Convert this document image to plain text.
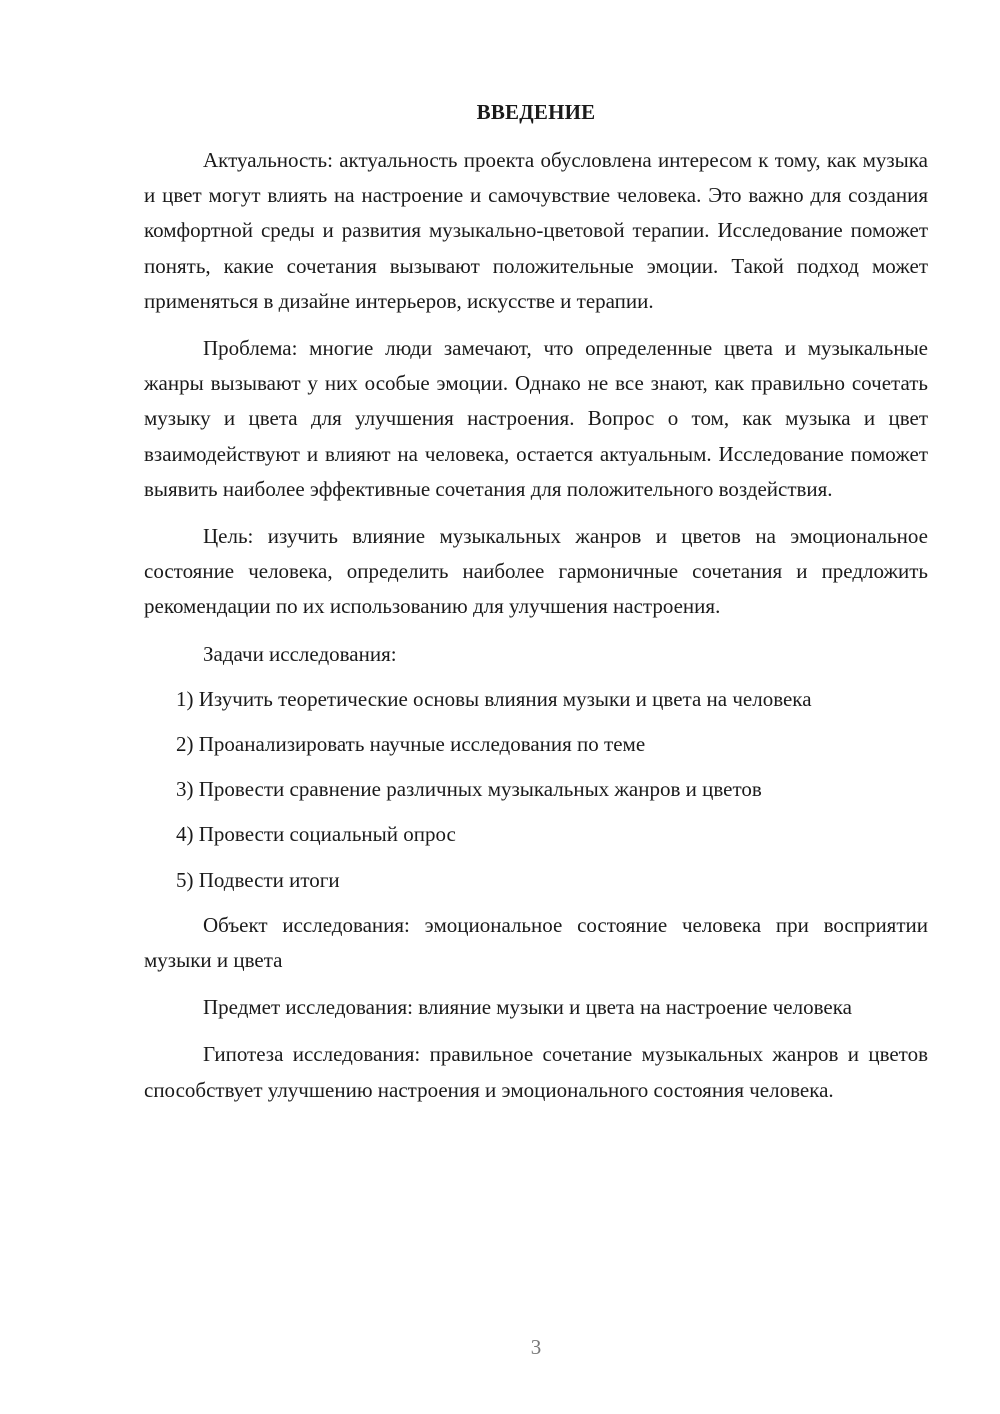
ВВЕДЕНИЕ

Актуальность: актуальность проекта обусловлена интересом к тому, как музыка и цвет могут влиять на настроение и самочувствие человека. Это важно для создания комфортной среды и развития музыкально-цветовой терапии. Исследование поможет понять, какие сочетания вызывают положительные эмоции. Такой подход может применяться в дизайне интерьеров, искусстве и терапии.

Проблема: многие люди замечают, что определенные цвета и музыкальные жанры вызывают у них особые эмоции. Однако не все знают, как правильно сочетать музыку и цвета для улучшения настроения. Вопрос о том, как музыка и цвет взаимодействуют и влияют на человека, остается актуальным. Исследование поможет выявить наиболее эффективные сочетания для положительного воздействия.

Цель: изучить влияние музыкальных жанров и цветов на эмоциональное состояние человека, определить наиболее гармоничные сочетания и предложить рекомендации по их использованию для улучшения настроения.

Задачи исследования:

1) Изучить теоретические основы влияния музыки и цвета на человека
2) Проанализировать научные исследования по теме
3) Провести сравнение различных музыкальных жанров и цветов
4) Провести социальный опрос
5) Подвести итоги

Объект исследования: эмоциональное состояние человека при восприятии музыки и цвета

Предмет исследования: влияние музыки и цвета на настроение человека

Гипотеза исследования: правильное сочетание музыкальных жанров и цветов способствует улучшению настроения и эмоционального состояния человека.

3
